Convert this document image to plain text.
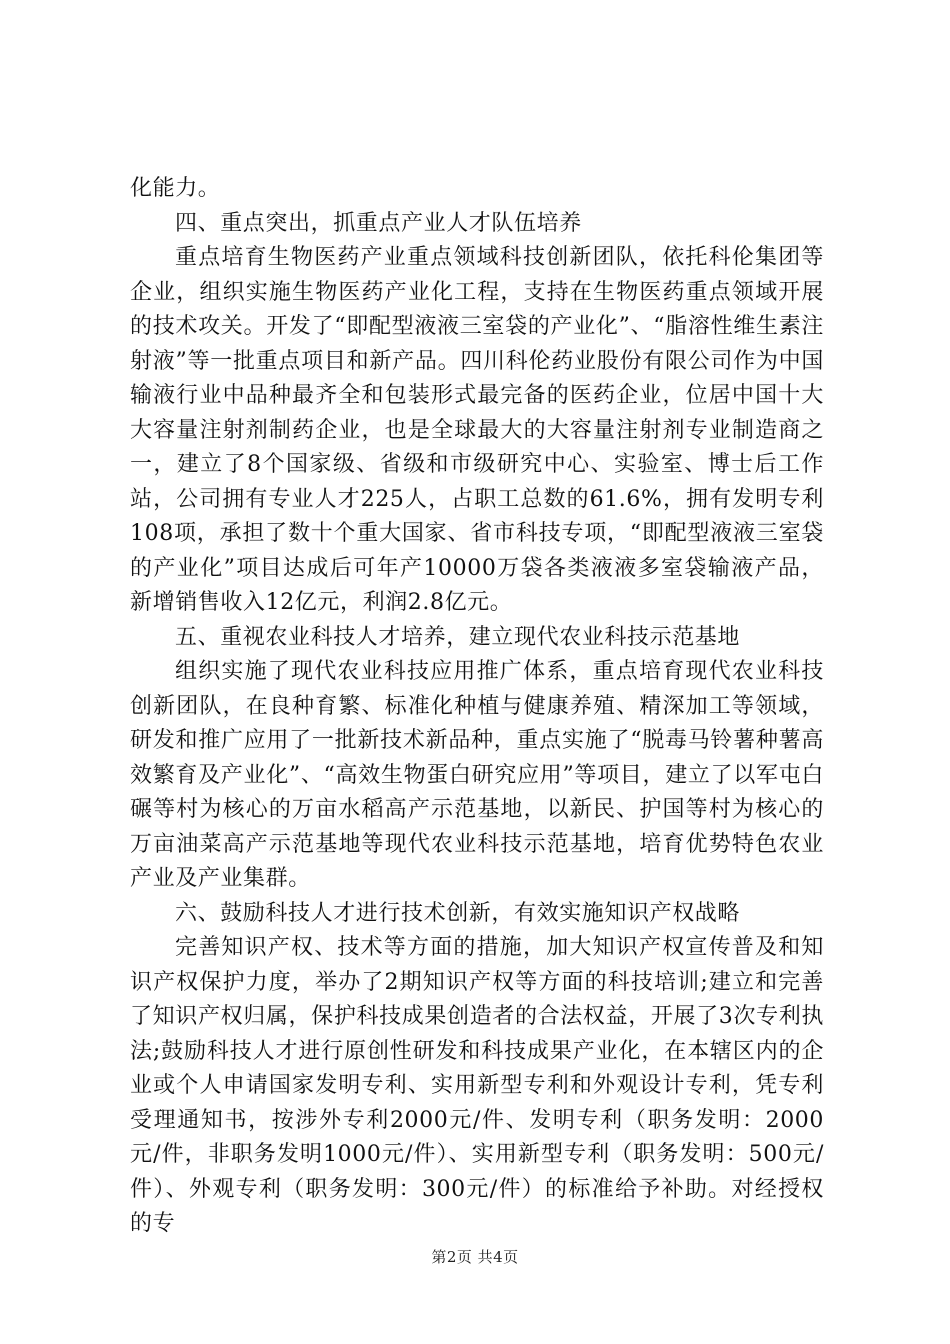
化能力。

四、重点突出，抓重点产业人才队伍培养

重点培育生物医药产业重点领域科技创新团队，依托科伦集团等企业，组织实施生物医药产业化工程，支持在生物医药重点领域开展的技术攻关。开发了“即配型液液三室袋的产业化”、“脂溶性维生素注射液”等一批重点项目和新产品。四川科伦药业股份有限公司作为中国输液行业中品种最齐全和包装形式最完备的医药企业，位居中国十大大容量注射剂制药企业，也是全球最大的大容量注射剂专业制造商之一，建立了8个国家级、省级和市级研究中心、实验室、博士后工作站，公司拥有专业人才225人，占职工总数的61.6%，拥有发明专利108项，承担了数十个重大国家、省市科技专项，“即配型液液三室袋的产业化”项目达成后可年产10000万袋各类液液多室袋输液产品，新增销售收入12亿元，利润2.8亿元。

五、重视农业科技人才培养，建立现代农业科技示范基地

组织实施了现代农业科技应用推广体系，重点培育现代农业科技创新团队，在良种育繁、标准化种植与健康养殖、精深加工等领域，研发和推广应用了一批新技术新品种，重点实施了“脱毒马铃薯种薯高效繁育及产业化”、“高效生物蛋白研究应用”等项目，建立了以军屯白碾等村为核心的万亩水稻高产示范基地，以新民、护国等村为核心的万亩油菜高产示范基地等现代农业科技示范基地，培育优势特色农业产业及产业集群。

六、鼓励科技人才进行技术创新，有效实施知识产权战略

完善知识产权、技术等方面的措施，加大知识产权宣传普及和知识产权保护力度，举办了2期知识产权等方面的科技培训;建立和完善了知识产权归属，保护科技成果创造者的合法权益，开展了3次专利执法;鼓励科技人才进行原创性研发和科技成果产业化，在本辖区内的企业或个人申请国家发明专利、实用新型专利和外观设计专利，凭专利受理通知书，按涉外专利2000元/件、发明专利（职务发明：2000元/件，非职务发明1000元/件）、实用新型专利（职务发明：500元/件）、外观专利（职务发明：300元/件）的标准给予补助。对经授权的专

第2页 共4页
